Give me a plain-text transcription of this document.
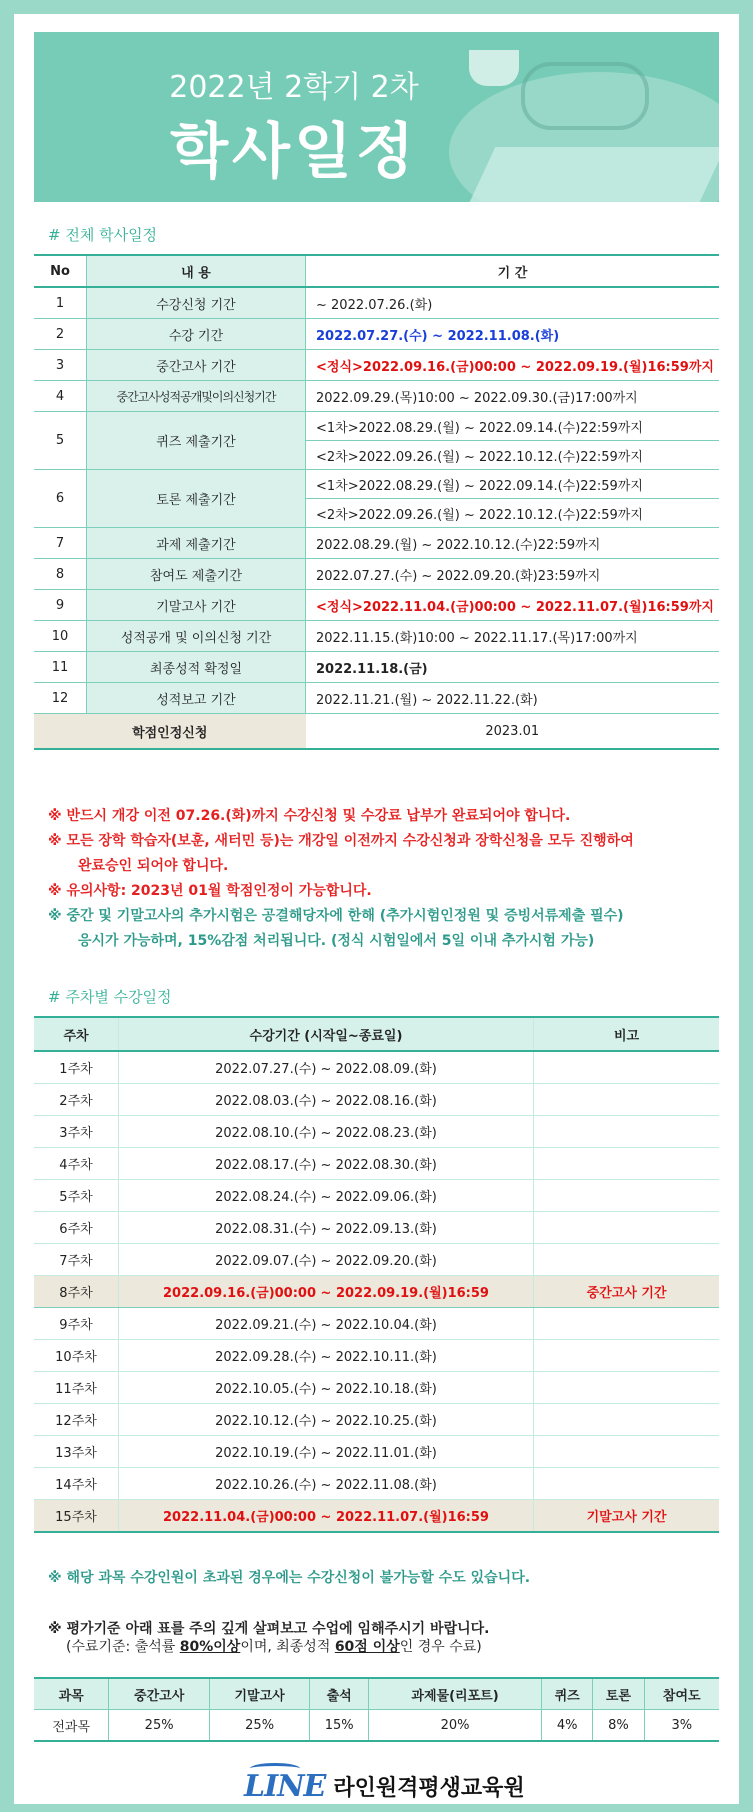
2022년 2학기 2차
학사일정
# 전체 학사일정
No	내 용	기 간
1	수강신청 기간	~ 2022.07.26.(화)
2	수강 기간	2022.07.27.(수) ~ 2022.11.08.(화)
3	중간고사 기간	<정식>2022.09.16.(금)00:00 ~ 2022.09.19.(월)16:59까지
4	중간고사성적공개및이의신청기간	2022.09.29.(목)10:00 ~ 2022.09.30.(금)17:00까지
5	퀴즈 제출기간	<1차>2022.08.29.(월) ~ 2022.09.14.(수)22:59까지
		<2차>2022.09.26.(월) ~ 2022.10.12.(수)22:59까지
6	토론 제출기간	<1차>2022.08.29.(월) ~ 2022.09.14.(수)22:59까지
		<2차>2022.09.26.(월) ~ 2022.10.12.(수)22:59까지
7	과제 제출기간	2022.08.29.(월) ~ 2022.10.12.(수)22:59까지
8	참여도 제출기간	2022.07.27.(수) ~ 2022.09.20.(화)23:59까지
9	기말고사 기간	<정식>2022.11.04.(금)00:00 ~ 2022.11.07.(월)16:59까지
10	성적공개 및 이의신청 기간	2022.11.15.(화)10:00 ~ 2022.11.17.(목)17:00까지
11	최종성적 확정일	2022.11.18.(금)
12	성적보고 기간	2022.11.21.(월) ~ 2022.11.22.(화)
학점인정신청		2023.01

※ 반드시 개강 이전 07.26.(화)까지 수강신청 및 수강료 납부가 완료되어야 합니다.

※ 모든 장학 학습자(보훈, 새터민 등)는 개강일 이전까지 수강신청과 장학신청을 모두 진행하여

완료승인 되어야 합니다.

※ 유의사항: 2023년 01월 학점인정이 가능합니다.

※ 중간 및 기말고사의 추가시험은 공결해당자에 한해 (추가시험인정원 및 증빙서류제출 필수)

응시가 가능하며, 15%감점 처리됩니다. (정식 시험일에서 5일 이내 추가시험 가능)

# 주차별 수강일정
주차	수강기간 (시작일~종료일)	비고
1주차	2022.07.27.(수) ~ 2022.08.09.(화)	
2주차	2022.08.03.(수) ~ 2022.08.16.(화)	
3주차	2022.08.10.(수) ~ 2022.08.23.(화)	
4주차	2022.08.17.(수) ~ 2022.08.30.(화)	
5주차	2022.08.24.(수) ~ 2022.09.06.(화)	
6주차	2022.08.31.(수) ~ 2022.09.13.(화)	
7주차	2022.09.07.(수) ~ 2022.09.20.(화)	
8주차	2022.09.16.(금)00:00 ~ 2022.09.19.(월)16:59	중간고사 기간
9주차	2022.09.21.(수) ~ 2022.10.04.(화)	
10주차	2022.09.28.(수) ~ 2022.10.11.(화)	
11주차	2022.10.05.(수) ~ 2022.10.18.(화)	
12주차	2022.10.12.(수) ~ 2022.10.25.(화)	
13주차	2022.10.19.(수) ~ 2022.11.01.(화)	
14주차	2022.10.26.(수) ~ 2022.11.08.(화)	
15주차	2022.11.04.(금)00:00 ~ 2022.11.07.(월)16:59	기말고사 기간
※ 해당 과목 수강인원이 초과된 경우에는 수강신청이 불가능할 수도 있습니다.
※ 평가기준 아래 표를 주의 깊게 살펴보고 수업에 임해주시기 바랍니다.
(수료기준: 출석률 80%이상이며, 최종성적 60점 이상인 경우 수료)
과목	중간고사	기말고사	출석	과제물(리포트)	퀴즈	토론	참여도
전과목	25%	25%	15%	20%	4%	8%	3%
LINE 라인원격평생교육원
